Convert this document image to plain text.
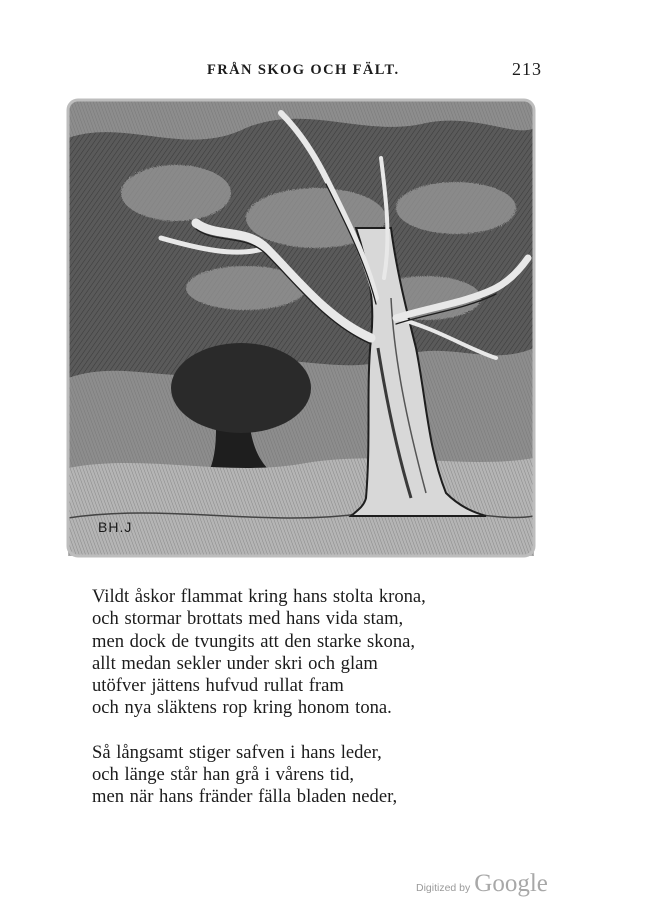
FRÅN SKOG OCH FÄLT.	213
BH.J

Vildt åskor flammat kring hans stolta krona,
och stormar brottats med hans vida stam,
men dock de tvungits att den starke skona,
allt medan sekler under skri och glam
utöfver jättens hufvud rullat fram
och nya släktens rop kring honom tona.

Så långsamt stiger safven i hans leder,
och länge står han grå i vårens tid,
men när hans fränder fälla bladen neder,

Digitized by Google
